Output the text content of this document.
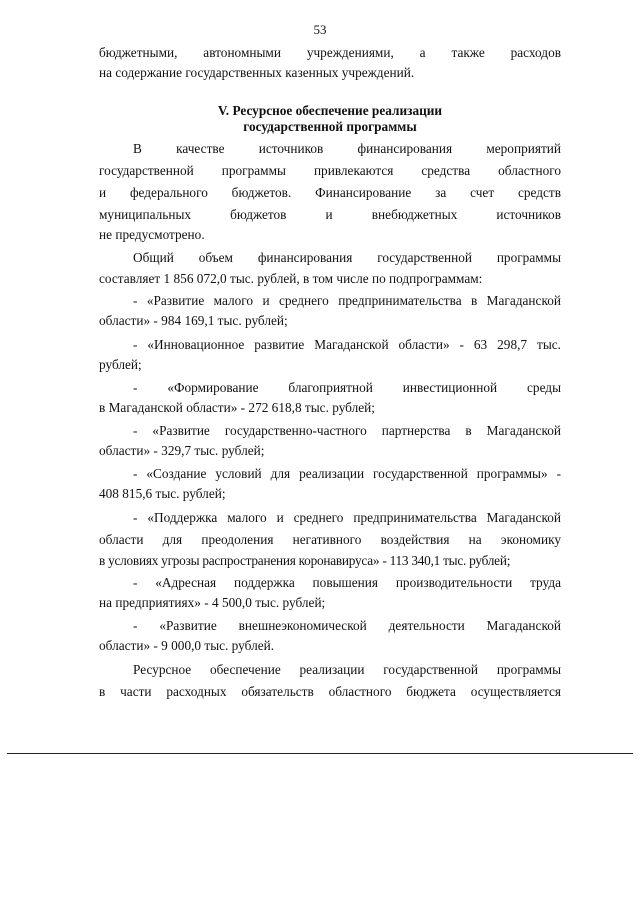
53
бюджетными, автономными учреждениями, а также расходов
на содержание государственных казенных учреждений.
V. Ресурсное обеспечение реализации
государственной программы
В качестве источников финансирования мероприятий
государственной программы привлекаются средства областного
и федерального бюджетов. Финансирование за счет средств
муниципальных бюджетов и внебюджетных источников
не предусмотрено.
Общий объем финансирования государственной программы
составляет 1 856 072,0 тыс. рублей, в том числе по подпрограммам:
- «Развитие малого и среднего предпринимательства в Магаданской
области» - 984 169,1 тыс. рублей;
- «Инновационное развитие Магаданской области» - 63 298,7 тыс.
рублей;
- «Формирование благоприятной инвестиционной среды
в Магаданской области» - 272 618,8 тыс. рублей;
- «Развитие государственно-частного партнерства в Магаданской
области» - 329,7 тыс. рублей;
- «Создание условий для реализации государственной программы» -
408 815,6 тыс. рублей;
- «Поддержка малого и среднего предпринимательства Магаданской
области для преодоления негативного воздействия на экономику
в условиях угрозы распространения коронавируса» - 113 340,1 тыс. рублей;
- «Адресная поддержка повышения производительности труда
на предприятиях» - 4 500,0 тыс. рублей;
- «Развитие внешнеэкономической деятельности Магаданской
области» - 9 000,0 тыс. рублей.
Ресурсное обеспечение реализации государственной программы
в части расходных обязательств областного бюджета осуществляется
